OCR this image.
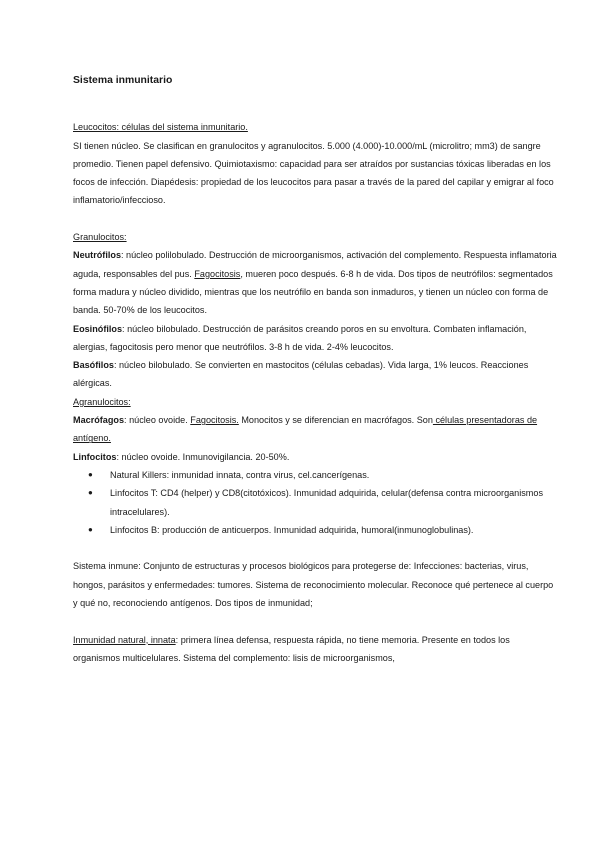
Sistema inmunitario

Leucocitos: células del sistema inmunitario.

SI tienen núcleo. Se clasifican en granulocitos y agranulocitos. 5.000 (4.000)-10.000/mL (microlitro; mm3) de sangre promedio. Tienen papel defensivo. Quimiotaxismo: capacidad para ser atraídos por sustancias tóxicas liberadas en los focos de infección. Diapédesis: propiedad de los leucocitos para pasar a través de la pared del capilar y emigrar al foco inflamatorio/infeccioso.

Granulocitos:

Neutrófilos: núcleo polilobulado. Destrucción de microorganismos, activación del complemento. Respuesta inflamatoria aguda, responsables del pus. Fagocitosis, mueren poco después. 6-8 h de vida. Dos tipos de neutrófilos: segmentados forma madura y núcleo dividido, mientras que los neutrófilo en banda son inmaduros, y tienen un núcleo con forma de banda. 50-70% de los leucocitos.

Eosinófilos: núcleo bilobulado. Destrucción de parásitos creando poros en su envoltura. Combaten inflamación, alergias, fagocitosis pero menor que neutrófilos. 3-8 h de vida. 2-4% leucocitos.

Basófilos: núcleo bilobulado. Se convierten en mastocitos (células cebadas). Vida larga, 1% leucos. Reacciones alérgicas.

Agranulocitos:

Macrófagos: núcleo ovoide. Fagocitosis. Monocitos y se diferencian en macrófagos. Son células presentadoras de antígeno.

Linfocitos: núcleo ovoide. Inmunovigilancia. 20-50%.

● Natural Killers: inmunidad innata, contra virus, cel.cancerígenas.
● Linfocitos T: CD4 (helper) y CD8(citotóxicos). Inmunidad adquirida, celular(defensa contra microorganismos intracelulares).
● Linfocitos B: producción de anticuerpos. Inmunidad adquirida, humoral(inmunoglobulinas).

Sistema inmune: Conjunto de estructuras y procesos biológicos para protegerse de: Infecciones: bacterias, virus, hongos, parásitos y enfermedades: tumores. Sistema de reconocimiento molecular. Reconoce qué pertenece al cuerpo y qué no, reconociendo antígenos. Dos tipos de inmunidad;

Inmunidad natural, innata: primera línea defensa, respuesta rápida, no tiene memoria. Presente en todos los organismos multicelulares. Sistema del complemento: lisis de microorganismos,
